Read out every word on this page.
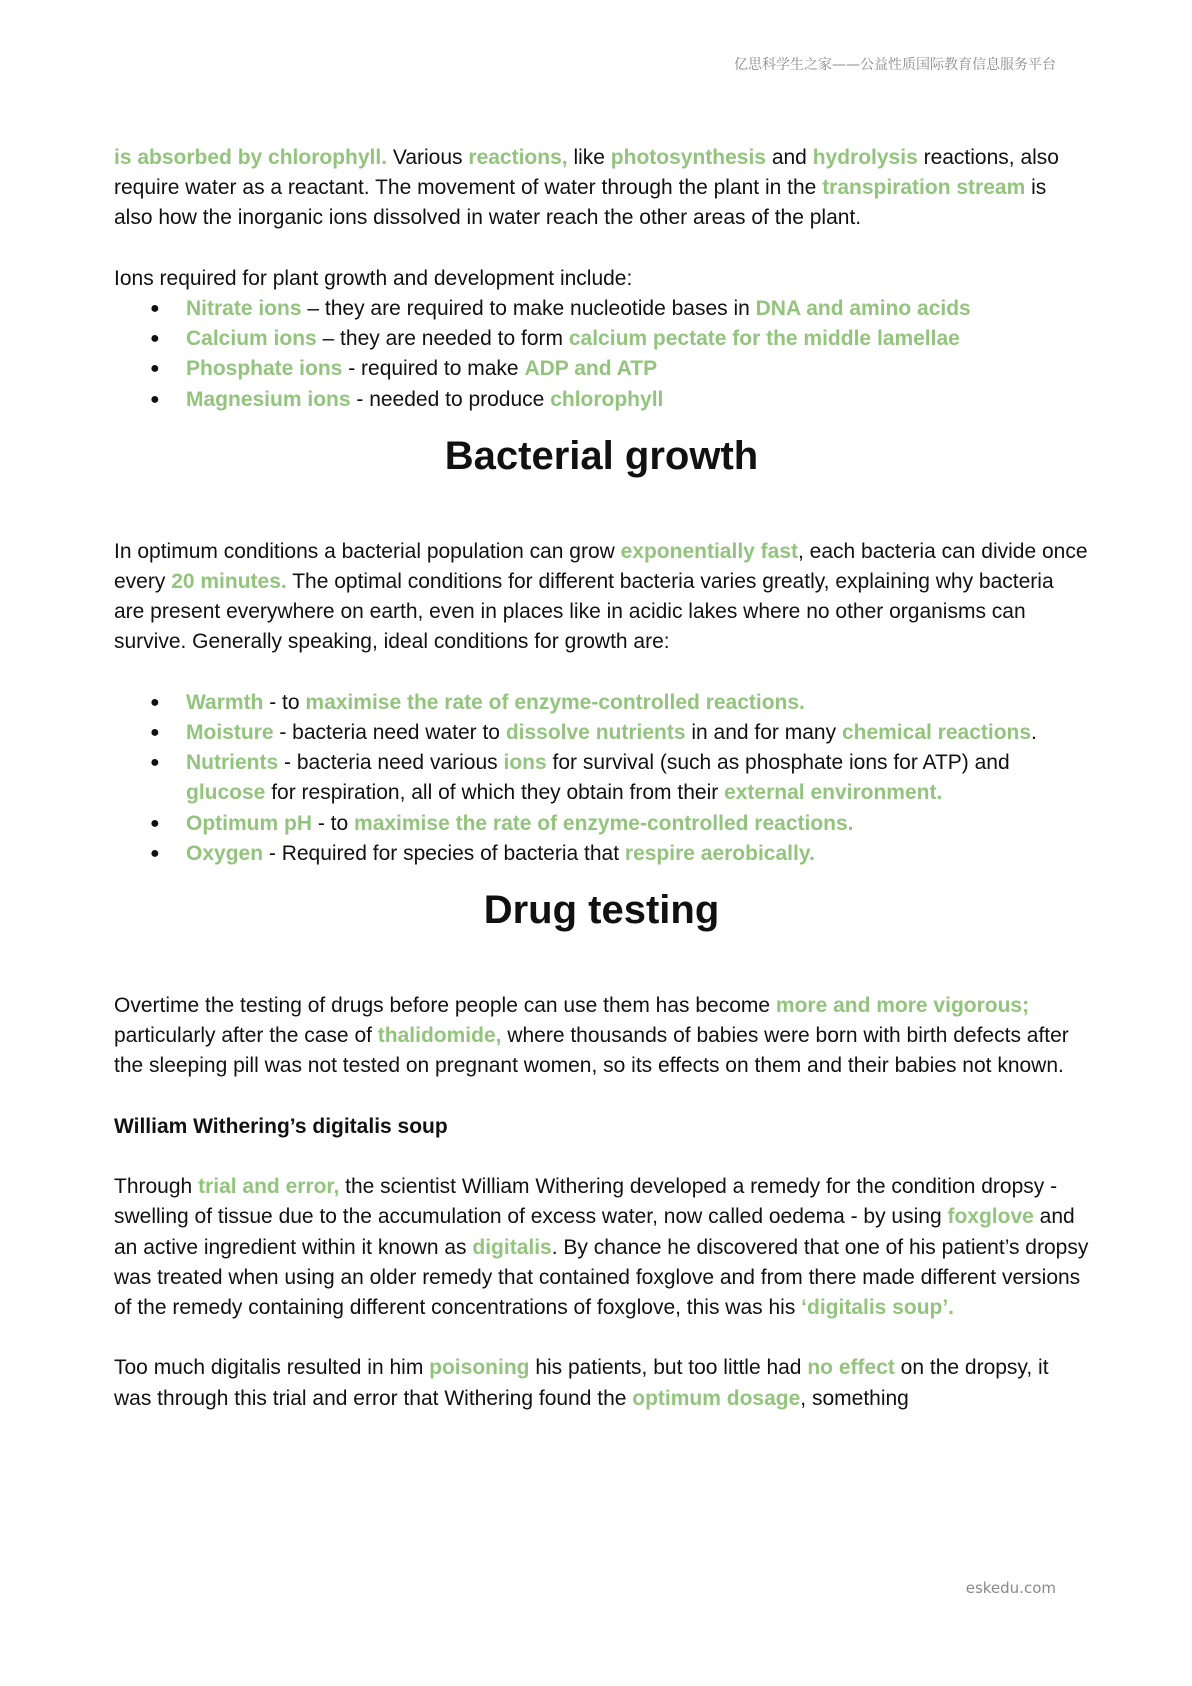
亿思科学生之家——公益性质国际教育信息服务平台

is absorbed by chlorophyll. Various reactions, like photosynthesis and hydrolysis reactions, also require water as a reactant. The movement of water through the plant in the transpiration stream is also how the inorganic ions dissolved in water reach the other areas of the plant.

Ions required for plant growth and development include:

● Nitrate ions – they are required to make nucleotide bases in DNA and amino acids
● Calcium ions – they are needed to form calcium pectate for the middle lamellae
● Phosphate ions - required to make ADP and ATP
● Magnesium ions - needed to produce chlorophyll
Bacterial growth

In optimum conditions a bacterial population can grow exponentially fast, each bacteria can divide once every 20 minutes. The optimal conditions for different bacteria varies greatly, explaining why bacteria are present everywhere on earth, even in places like in acidic lakes where no other organisms can survive. Generally speaking, ideal conditions for growth are:

● Warmth - to maximise the rate of enzyme-controlled reactions.
● Moisture - bacteria need water to dissolve nutrients in and for many chemical reactions.
● Nutrients - bacteria need various ions for survival (such as phosphate ions for ATP) and glucose for respiration, all of which they obtain from their external environment.
● Optimum pH - to maximise the rate of enzyme-controlled reactions.
● Oxygen - Required for species of bacteria that respire aerobically.
Drug testing

Overtime the testing of drugs before people can use them has become more and more vigorous; particularly after the case of thalidomide, where thousands of babies were born with birth defects after the sleeping pill was not tested on pregnant women, so its effects on them and their babies not known.

William Withering’s digitalis soup

Through trial and error, the scientist William Withering developed a remedy for the condition dropsy - swelling of tissue due to the accumulation of excess water, now called oedema - by using foxglove and an active ingredient within it known as digitalis. By chance he discovered that one of his patient’s dropsy was treated when using an older remedy that contained foxglove and from there made different versions of the remedy containing different concentrations of foxglove, this was his ‘digitalis soup’.

Too much digitalis resulted in him poisoning his patients, but too little had no effect on the dropsy, it was through this trial and error that Withering found the optimum dosage, something

eskedu.com
